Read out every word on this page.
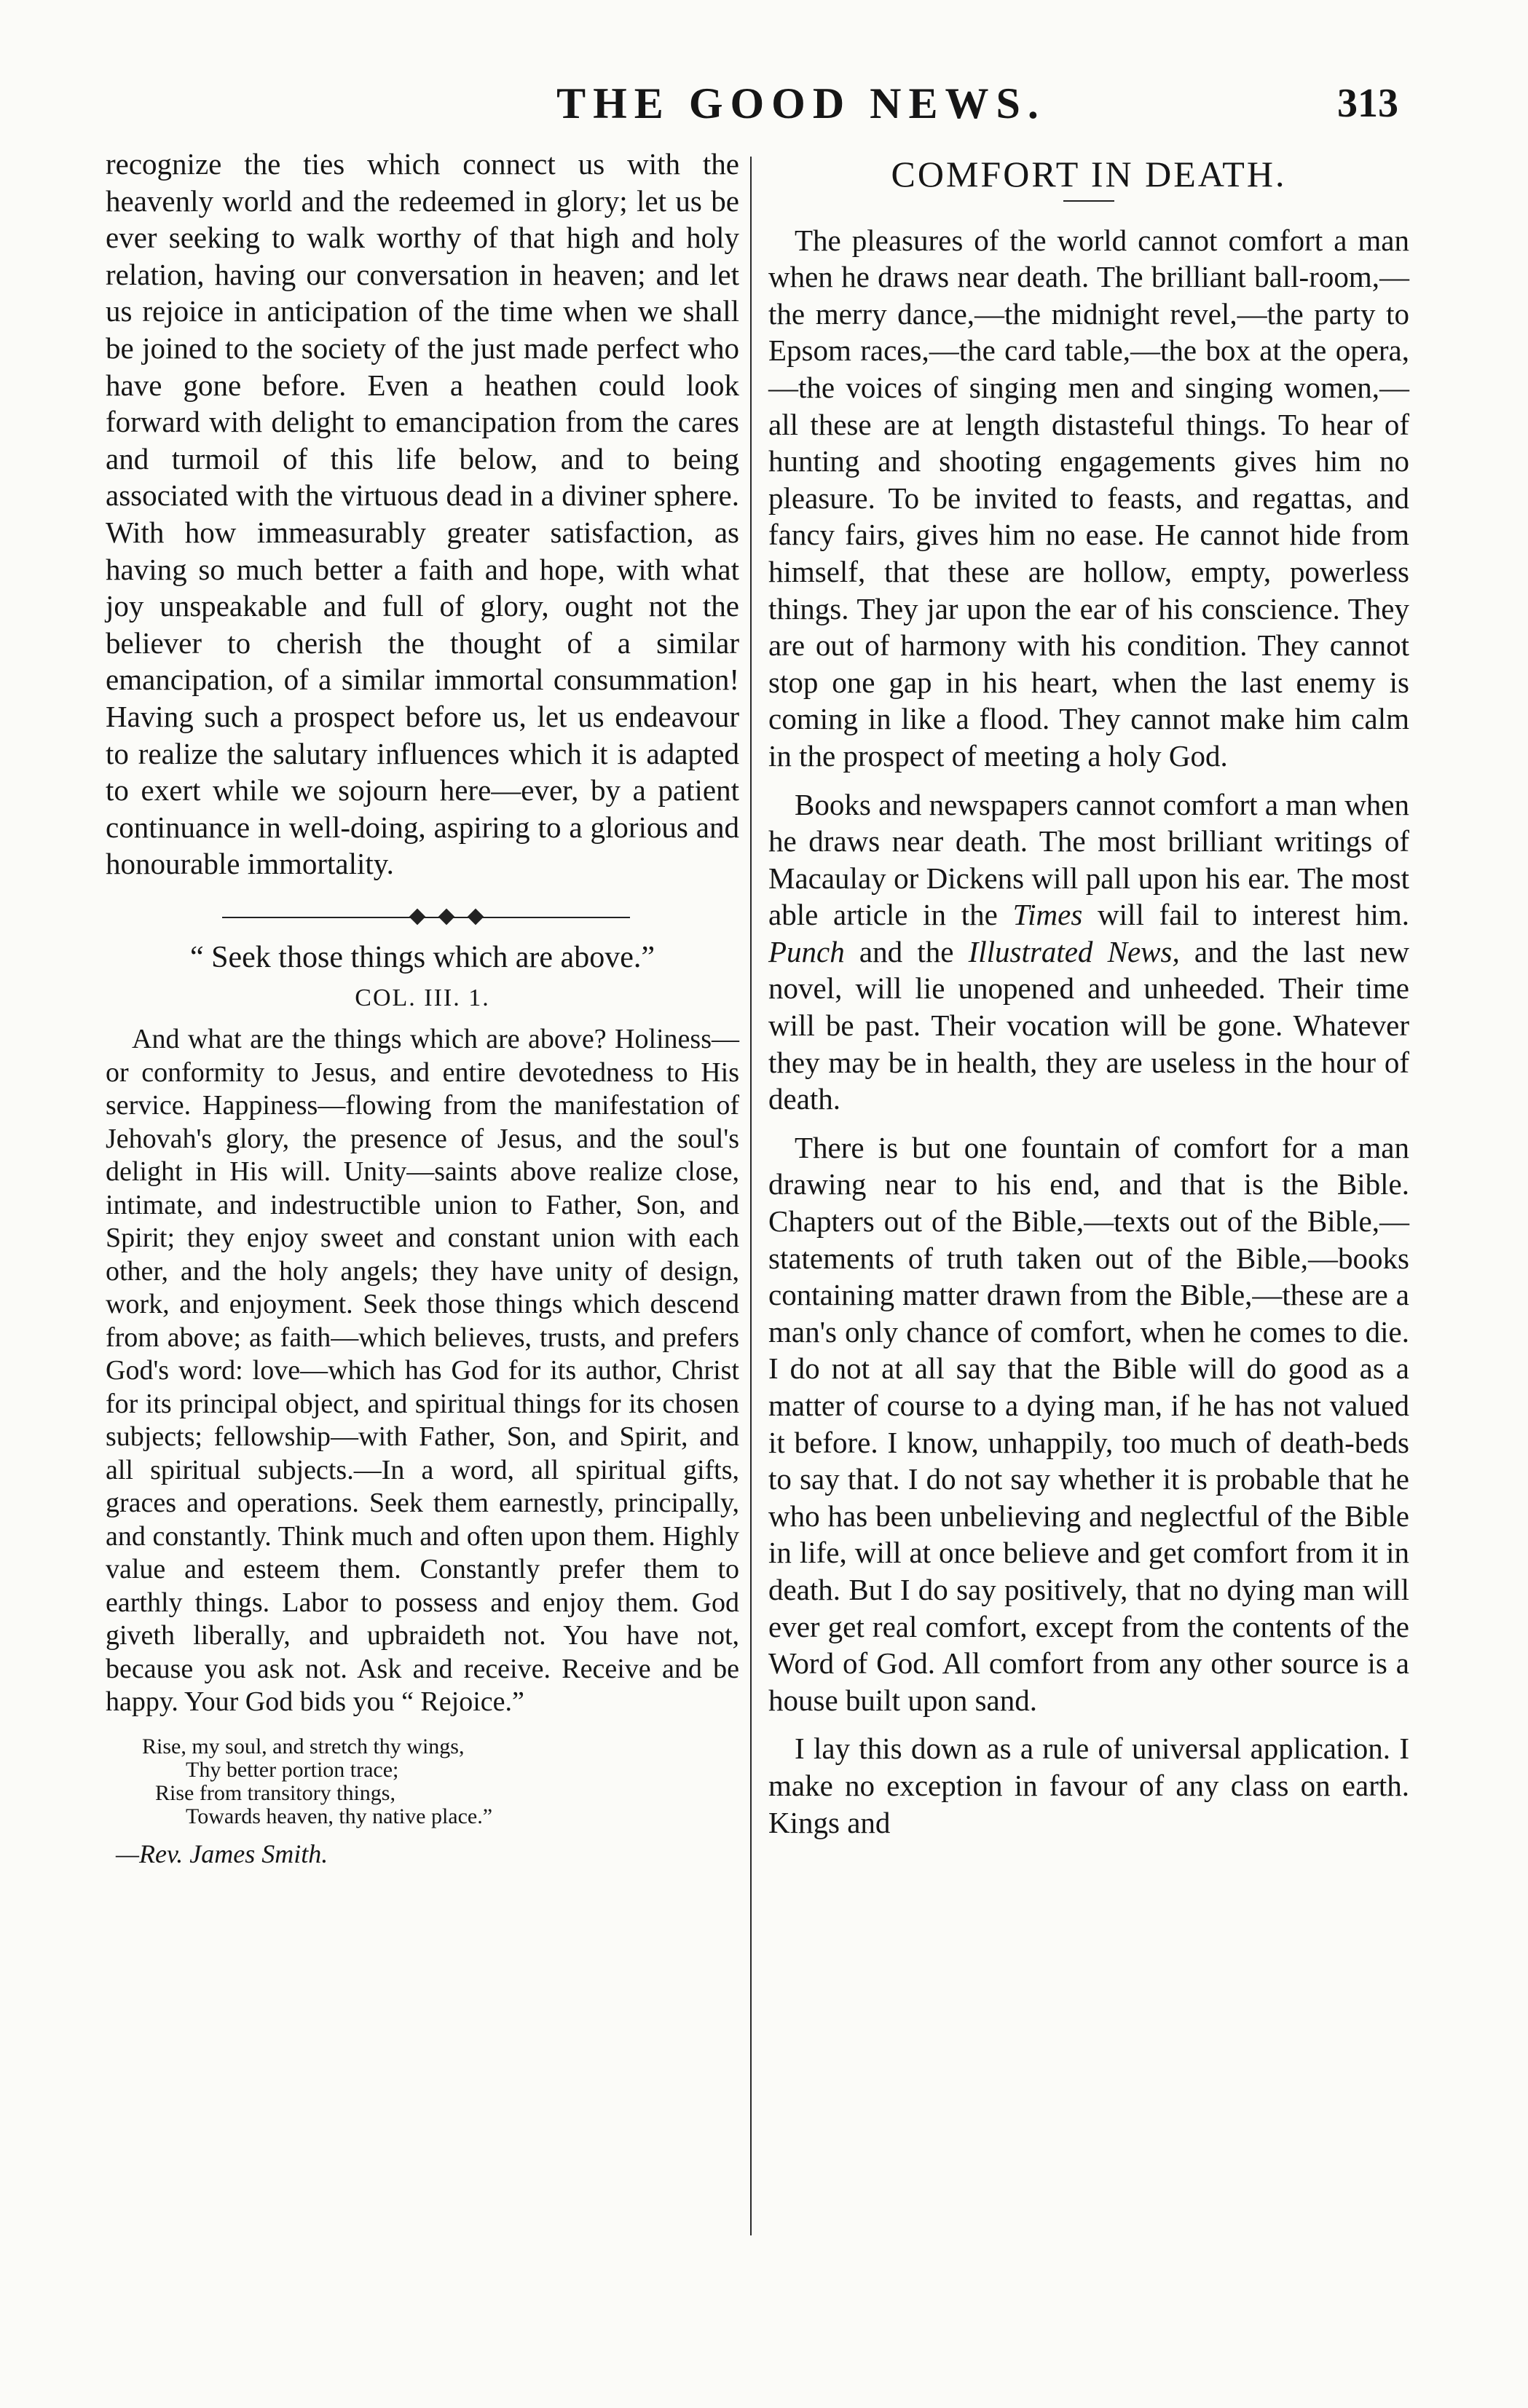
THE GOOD NEWS.	313

recognize the ties which connect us with the heavenly world and the redeemed in glory; let us be ever seeking to walk worthy of that high and holy relation, having our conversation in heaven; and let us rejoice in anticipation of the time when we shall be joined to the society of the just made perfect who have gone before. Even a heathen could look forward with delight to emancipation from the cares and turmoil of this life below, and to being associated with the virtuous dead in a diviner sphere. With how immeasurably greater satisfaction, as having so much better a faith and hope, with what joy unspeakable and full of glory, ought not the believer to cherish the thought of a similar emancipation, of a similar immortal consummation! Having such a prospect before us, let us endeavour to realize the salutary influences which it is adapted to exert while we sojourn here—ever, by a patient continuance in well-doing, aspiring to a glorious and honourable immortality.

“ Seek those things which are above.”

COL. III. 1.

And what are the things which are above? Holiness—or conformity to Jesus, and entire devotedness to His service. Happiness—flowing from the manifestation of Jehovah's glory, the presence of Jesus, and the soul's delight in His will. Unity—saints above realize close, intimate, and indestructible union to Father, Son, and Spirit; they enjoy sweet and constant union with each other, and the holy angels; they have unity of design, work, and enjoyment. Seek those things which descend from above; as faith—which believes, trusts, and prefers God's word: love—which has God for its author, Christ for its principal object, and spiritual things for its chosen subjects; fellowship—with Father, Son, and Spirit, and all spiritual subjects.—In a word, all spiritual gifts, graces and operations. Seek them earnestly, principally, and constantly. Think much and often upon them. Highly value and esteem them. Constantly prefer them to earthly things. Labor to possess and enjoy them. God giveth liberally, and upbraideth not. You have not, because you ask not. Ask and receive. Receive and be happy. Your God bids you “ Rejoice.”

Rise, my soul, and stretch thy wings,
Thy better portion trace;
Rise from transitory things,
Towards heaven, thy native place.”
—Rev. James Smith.
COMFORT IN DEATH.

The pleasures of the world cannot comfort a man when he draws near death. The brilliant ball-room,—the merry dance,—the midnight revel,—the party to Epsom races,—the card table,—the box at the opera,—the voices of singing men and singing women,—all these are at length distasteful things. To hear of hunting and shooting engagements gives him no pleasure. To be invited to feasts, and regattas, and fancy fairs, gives him no ease. He cannot hide from himself, that these are hollow, empty, powerless things. They jar upon the ear of his conscience. They are out of harmony with his condition. They cannot stop one gap in his heart, when the last enemy is coming in like a flood. They cannot make him calm in the prospect of meeting a holy God.

Books and newspapers cannot comfort a man when he draws near death. The most brilliant writings of Macaulay or Dickens will pall upon his ear. The most able article in the Times will fail to interest him. Punch and the Illustrated News, and the last new novel, will lie unopened and unheeded. Their time will be past. Their vocation will be gone. Whatever they may be in health, they are useless in the hour of death.

There is but one fountain of comfort for a man drawing near to his end, and that is the Bible. Chapters out of the Bible,—texts out of the Bible,—statements of truth taken out of the Bible,—books containing matter drawn from the Bible,—these are a man's only chance of comfort, when he comes to die. I do not at all say that the Bible will do good as a matter of course to a dying man, if he has not valued it before. I know, unhappily, too much of death-beds to say that. I do not say whether it is probable that he who has been unbelieving and neglectful of the Bible in life, will at once believe and get comfort from it in death. But I do say positively, that no dying man will ever get real comfort, except from the contents of the Word of God. All comfort from any other source is a house built upon sand.

I lay this down as a rule of universal application. I make no exception in favour of any class on earth. Kings and
